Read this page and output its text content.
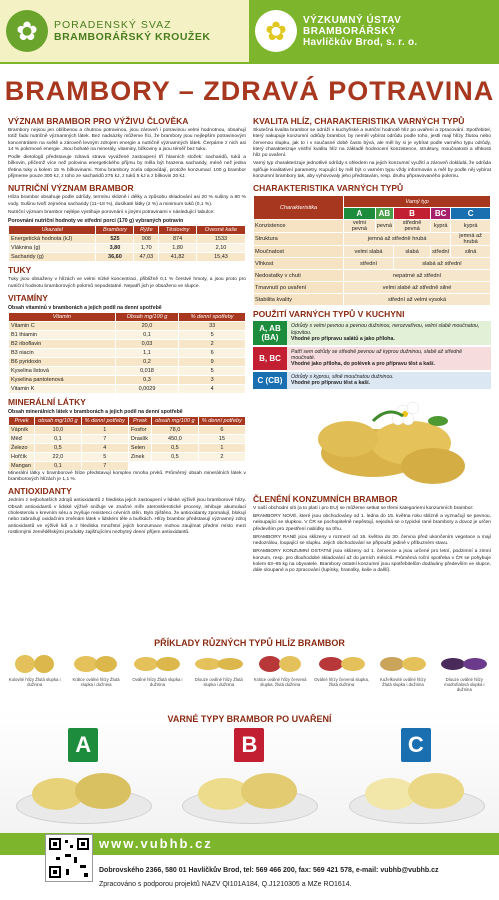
✿ PORADENSKÝ SVAZ
BRAMBORÁŘSKÝ KROUŽEK ✿ VÝZKUMNÝ ÚSTAV
BRAMBORÁŘSKÝ
Havlíčkův Brod, s. r. o.
BRAMBORY – ZDRAVÁ POTRAVINA
VÝZNAM BRAMBOR PRO VÝŽIVU ČLOVĚKA

Brambory nejsou jen oblíbenou a chutnou potravinou, jsou zároveň i potravinou velmi hodnotnou, obsahují totiž řadu nutričně významných látek. Bez nadsázky můžeme říci, že brambory jsou nejlepším potravinovým koncentrátem na světě a zároveň levným zdrojem energie a nutričně významných látek. Čerpáme z nich asi 14 % pokrmové energie. Jsou bohaté na minerály, vitaminy, bílkoviny a jsou téměř bez tuku.

Podle dietologů představuje zdravá strava vyvážené zastoupení tří hlavních složek: sacharidů, tuků a bílkovin, přičemž více než polovina energetického příjmu by měla být hrazena sacharidy, méně než jedna třetina tuky a kolem 15 % bílkovinami. Tomu brambory zcela odpovídají, protože konzumací 100 g brambor přijmeme pouze 300 kJ, z toho ze sacharidů 275 kJ, z tuků 5 kJ a z bílkovin 20 kJ.

NUTRIČNÍ VÝZNAM BRAMBOR

Hlíza brambor obsahuje podle odrůdy, termínu sklizně i délky a způsobu skladování asi 20 % sušiny a 80 % vody. Sušinu tvoří zejména sacharidy (11–18 %), dusíkaté látky (2 %) a minimum tuků (0,1 %).

Nutriční význam brambor nejlépe vystihuje porovnání s jinými potravinami v následující tabulce:

Porovnání nutriční hodnoty ve střední porci (170 g) vybraných potravin
Ukazatel	Brambory	Rýže	Těstoviny	Ovesné kaše
Energetická hodnota (kJ)	525	908	874	1533
Vláknina (g)	3,80	1,70	1,80	2,10
Sacharidy (g)	36,60	47,03	41,82	15,43
TUKY

Tuky jsou obsaženy v hlízách ve velmi nízké koncentraci, přibližně 0,1 % čerstvé hmoty, a jsou proto pro nutriční hodnotu bramborových pokrmů nepodstatné. Nepatří jich je obsaženo ve slupce.

VITAMÍNY
Obsah vitaminů v bramborách a jejich podíl na denní spotřebě
Vitamin	Obsah mg/100 g	% denní spotřeby
Vitamin C	20,0	33
B1 thiamin	0,1	5
B2 riboflavin	0,03	2
B3 niacin	1,1	6
B6 pyridoxin	0,2	9
Kyselina listová	0,018	5
Kyselina pantotenová	0,3	3
Vitamin K	0,0029	4
MINERÁLNÍ LÁTKY
Obsah minerálních látek v bramborách a jejich podíl na denní spotřebě
Prvek	obsah mg/100 g	% denní potřeby	Prvek	obsah mg/100 g	% denní potřeby
Vápník	10,0	1	Fosfor	78,0	6
Měď	0,1	7	Draslík	450,0	15
Železo	0,5	4	Selen	0,5	1
Hořčík	22,0	5	Zinek	0,5	2
Mangan	0,1	7			

Minerální látky v bramborové hlíze představují komplex mnoha prvků. Průměrný obsah minerálních látek v bramborových hlízách je 1,1 %.

ANTIOXIDANTY

Jedním z nejbohatších zdrojů antioxidantů z hlediska jejich zastoupení v lidské výživě jsou bramborové hlízy. Obsah antioxidantů v lidské výživě snižuje ve značné míře aterosklerotické procesy, inhibuje akumulaci cholesterolu v krevním séru a zvyšuje resistenci cévních stěn. Bylo zjištěno, že antioxidanty zpomalují, blokují nebo zabraňují oxidačním změnám látek v lidském těle a buňkách. Hlízy brambor představují významný zdroj antioxidantů ve výživě lidí a z hlediska množství jejich konzumace mohou zaujímat předmí místo mezi rostlinnými zemědělskými produkty zajišťujícími nezbytný denní příjem antioxidantů.

KVALITA HLÍZ, CHARAKTERISTIKA VARNÝCH TYPŮ

Skutečná kvalita brambor se odráží v kuchyňské a nutriční hodnotě hlíz po uvaření a zpracování. Spotřebitel, který nakupuje konzumní odrůdy brambor, by neměl vybírat odrůdu podle toho, jestli mají hlízy žlutou nebo červenou slupku, jak to i v současné době často bývá, ale měl by si je vybírat podle varného typu odrůdy, který charakterizuje vnitřní kvalitu hlíz na základě hodnocení konzistence, struktury, moučnatosti a vlhkosti hlíz po uvaření.

Varný typ charakterizuje jednotlivé odrůdy s ohledem na jejich konzumní využití a zároveň dokládá, že odrůda splňuje kvalitativní parametry. Kupující by měl být o varném typu vždy informován a měl by podle něj vybírat konzumní brambory tak, aby vyhovovaly jeho představám, resp. druhu připravovaného pokrmu.

CHARAKTERISTIKA VARNÝCH TYPŮ
Charakteristika	Varný typ				
	A	AB	B	BC	C
Konzistence	velmi pevná	pevná	středně pevná	kyprá	kyprá
Struktura	jemná až středně hrubá				jemná až hrubá
Moučnatost	velmi slabá		slabá	střední	silná
Vlhkost	střední		slabá až střední		
Nedostatky v chuti	nepatrné až střední				
Tmavnutí po uvaření	velmi slabé až středně silné				
Stabilita kvality	střední až velmi vysoká				
POUŽITÍ VARNÝCH TYPŮ V KUCHYNI
A, AB (BA)
Odrůdy s velmi pevnou a pevnou dužninou, nerozvařivou, velmi slabě moučnatou, lojovitou.
Vhodné pro přípravu salátů a jako příloha.
B, BC
Patří sem odrůdy se středně pevnou až kyprou dužninou, slabě až středně moučnaté.
Vhodné jako příloha, do polévek a pro přípravu těst a kaší.
C (CB)	Odrůdy s kyprou, silně moučnatou dužninou.
Vhodné pro přípravu těst a kaší.
ČLENĚNÍ KONZUMNÍCH BRAMBOR

V naší obchodní síti (a to platí i pro EU) se můžeme setkat se třemi kategoriemi konzumních brambor:

BRAMBORY NOVÉ, které jsou obchodovány od 1. ledna do 15. května roku sklizně a vyznačují se pevnou, neloupající se slupkou. V ČR se pochopitelně nepěstují, nejedná se o typické rané brambory a dovoz je určen především pro zpestření nabídky na trhu.

BRAMBORY RANÉ jsou sklizeny v rozmezí od 16. května do 30. června před ukončením vegetace a mají nedozrálou, loupající se slupku. Jejich obchodování se připouští jedině v příbuzném stavu.

BRAMBORY KONZUMNÍ OSTATNÍ jsou sklizeny od 1. července a jsou určené pro letní, podzimní a zimní konzum, resp. pro dlouhodobé skladování až do jarních měsíců. Průměrná roční spotřeba v ČR se pohybuje kolem 63–65 kg na obyvatele. Brambory ostatní konzumní jsou spotřebitelům dodávány především ve slupce, dále oloupané a po zpracování (lupínky, hranolky, kaše a další).

PŘÍKLADY RŮZNÝCH TYPŮ HLÍZ BRAMBOR
Kulovité hlízy Žlutá slupka i dužnina
Krátce oválné hlízy Žlutá slupka i dužnina
Oválné hlízy Žlutá slupka i dužnina
Dlouze oválné hlízy Žlutá slupka i dužnina
Krátce oválné hlízy červená slupka, žlutá dužnina
Oválné hlízy červená slupka, žlutá dužnina
Kuželkovité oválné hlízy Žlutá slupka i dužnina
Dlouze oválné hlízy modrofialová slupka i dužnina
VARNÉ TYPY BRAMBOR PO UVAŘENÍ
A	B	C
www.vubhb.cz
Dobrovského 2366, 580 01 Havlíčkův Brod, tel: 569 466 200, fax: 569 421 578, e-mail: vubhb@vubhb.cz
Zpracováno s podporou projektů NAZV QI101A184, Q.J1210305 a MZe RO1614.
